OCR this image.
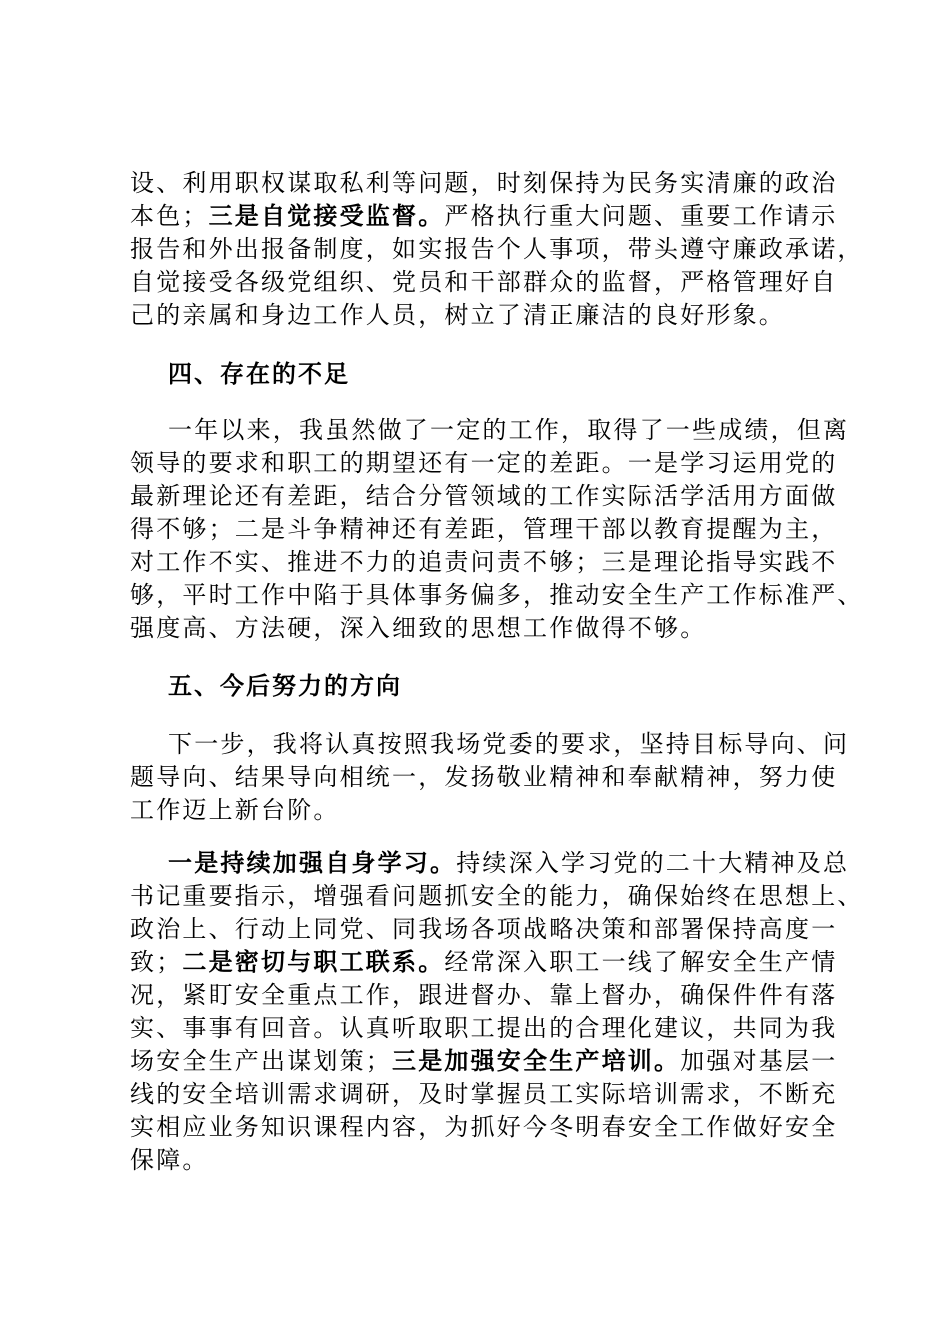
设、利用职权谋取私利等问题，时刻保持为民务实清廉的政治
本色；三是自觉接受监督。严格执行重大问题、重要工作请示
报告和外出报备制度，如实报告个人事项，带头遵守廉政承诺，
自觉接受各级党组织、党员和干部群众的监督，严格管理好自
己的亲属和身边工作人员，树立了清正廉洁的良好形象。
四、存在的不足
一年以来，我虽然做了一定的工作，取得了一些成绩，但离
领导的要求和职工的期望还有一定的差距。一是学习运用党的
最新理论还有差距，结合分管领域的工作实际活学活用方面做
得不够；二是斗争精神还有差距，管理干部以教育提醒为主，
对工作不实、推进不力的追责问责不够；三是理论指导实践不
够，平时工作中陷于具体事务偏多，推动安全生产工作标准严、
强度高、方法硬，深入细致的思想工作做得不够。
五、今后努力的方向
下一步，我将认真按照我场党委的要求，坚持目标导向、问
题导向、结果导向相统一，发扬敬业精神和奉献精神，努力使
工作迈上新台阶。
一是持续加强自身学习。持续深入学习党的二十大精神及总
书记重要指示，增强看问题抓安全的能力，确保始终在思想上、
政治上、行动上同党、同我场各项战略决策和部署保持高度一
致；二是密切与职工联系。经常深入职工一线了解安全生产情
况，紧盯安全重点工作，跟进督办、靠上督办，确保件件有落
实、事事有回音。认真听取职工提出的合理化建议，共同为我
场安全生产出谋划策；三是加强安全生产培训。加强对基层一
线的安全培训需求调研，及时掌握员工实际培训需求，不断充
实相应业务知识课程内容，为抓好今冬明春安全工作做好安全
保障。
